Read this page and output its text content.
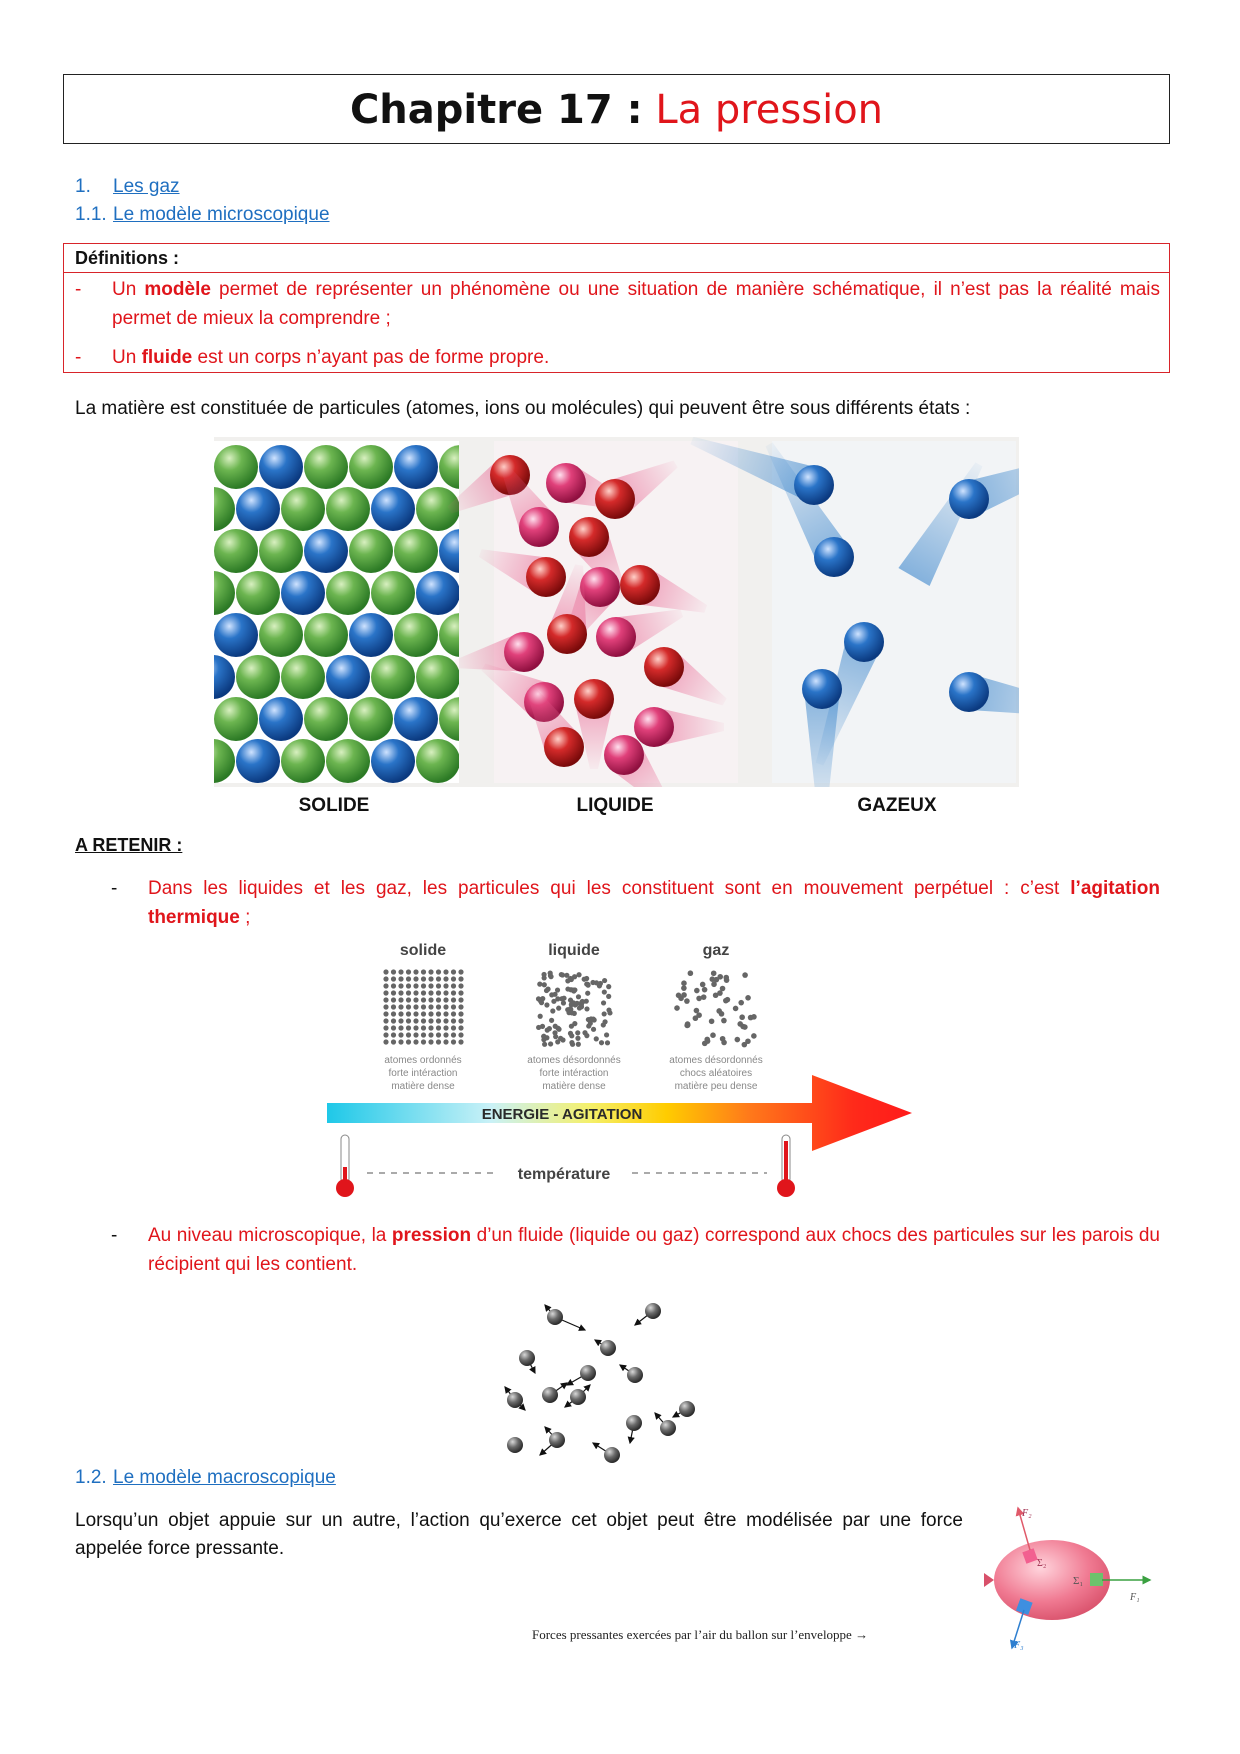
Chapitre 17 : La pression
1. Les gaz
1.1. Le modèle microscopique
Définitions :
-	Un modèle permet de représenter un phénomène ou une situation de manière schématique, il n’est pas la réalité mais permet de mieux la comprendre ;
-	Un fluide est un corps n’ayant pas de forme propre.
La matière est constituée de particules (atomes, ions ou molécules) qui peuvent être sous différents états :
SOLIDE	LIQUIDE	GAZEUX
A RETENIR :
-	Dans les liquides et les gaz, les particules qui les constituent sont en mouvement perpétuel : c’est l’agitation thermique ;
solide	liquide	gaz
atomes ordonnés
forte intéraction
matière dense
atomes désordonnés
forte intéraction
matière dense
atomes désordonnés
chocs aléatoires
matière peu dense
ENERGIE - AGITATION
température
-	Au niveau microscopique, la pression d’un fluide (liquide ou gaz) correspond aux chocs des particules sur les parois du récipient qui les contient.
1.2. Le modèle macroscopique
Lorsqu’un objet appuie sur un autre, l’action qu’exerce cet objet peut être modélisée par une force appelée force pressante.
Forces pressantes exercées par l’air du ballon sur l’enveloppe →
Σ₁
Σ₂
F₁
F₂
F₃
